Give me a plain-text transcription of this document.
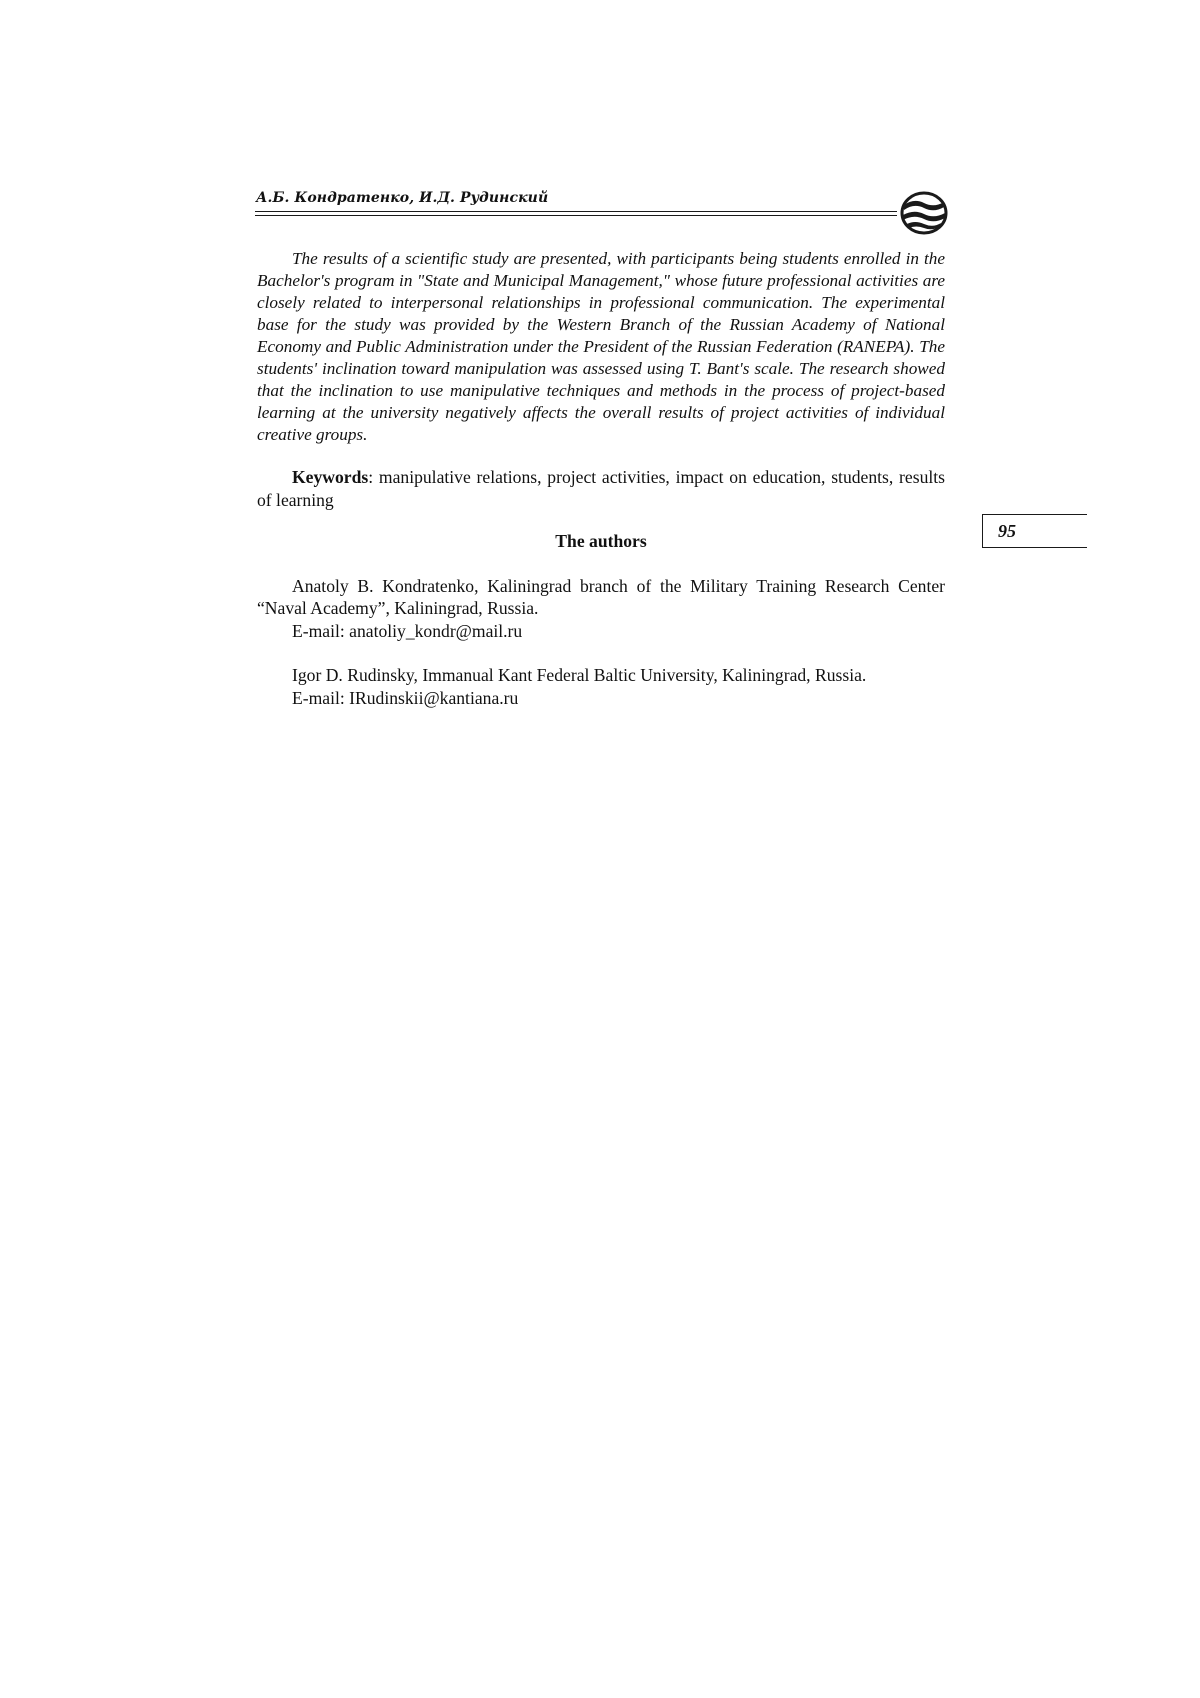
А.Б. Кондратенко, И.Д. Рудинский

The results of a scientific study are presented, with participants being students enrolled in the Bachelor's program in "State and Municipal Management," whose future professional activities are closely related to interpersonal relationships in professional communication. The experimental base for the study was provided by the Western Branch of the Russian Academy of National Economy and Public Administration under the President of the Russian Federation (RANEPA). The students' inclination toward manipulation was assessed using T. Bant's scale. The research showed that the inclination to use manipulative techniques and methods in the process of project-based learning at the university negatively affects the overall results of project activities of individual creative groups.

Keywords: manipulative relations, project activities, impact on education, students, results of learning

The authors

Anatoly B. Kondratenko, Kaliningrad branch of the Military Training Research Center “Naval Academy”, Kaliningrad, Russia.

E-mail: anatoliy_kondr@mail.ru

Igor D. Rudinsky, Immanual Kant Federal Baltic University, Kaliningrad, Russia.

E-mail: IRudinskii@kantiana.ru

95
